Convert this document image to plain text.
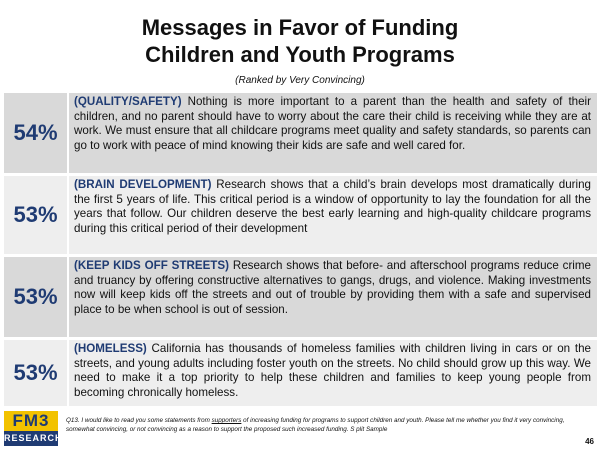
Messages in Favor of Funding
Children and Youth Programs
(Ranked by Very Convincing)
54%
(QUALITY/SAFETY) Nothing is more important to a parent than the health and safety of their children, and no parent should have to worry about the care their child is receiving while they are at work. We must ensure that all childcare programs meet quality and safety standards, so parents can go to work with peace of mind knowing their kids are safe and well cared for.
53%
(BRAIN DEVELOPMENT) Research shows that a child’s brain develops most dramatically during the first 5 years of life. This critical period is a window of opportunity to lay the foundation for all the years that follow. Our children deserve the best early learning and high-quality childcare programs during this critical period of their development
53%
(KEEP KIDS OFF STREETS) Research shows that before- and afterschool programs reduce crime and truancy by offering constructive alternatives to gangs, drugs, and violence. Making investments now will keep kids off the streets and out of trouble by providing them with a safe and supervised place to be when school is out of session.
53%
(HOMELESS) California has thousands of homeless families with children living in cars or on the streets, and young adults including foster youth on the streets. No child should grow up this way. We need to make it a top priority to help these children and families to keep young people from becoming chronically homeless.
FM3
RESEARCH
Q13. I would like to read you some statements from supporters of increasing funding for programs to support children and youth. Please tell me whether you find it very convincing, somewhat convincing, or not convincing as a reason to support the proposed such increased funding. S plit Sample
46
